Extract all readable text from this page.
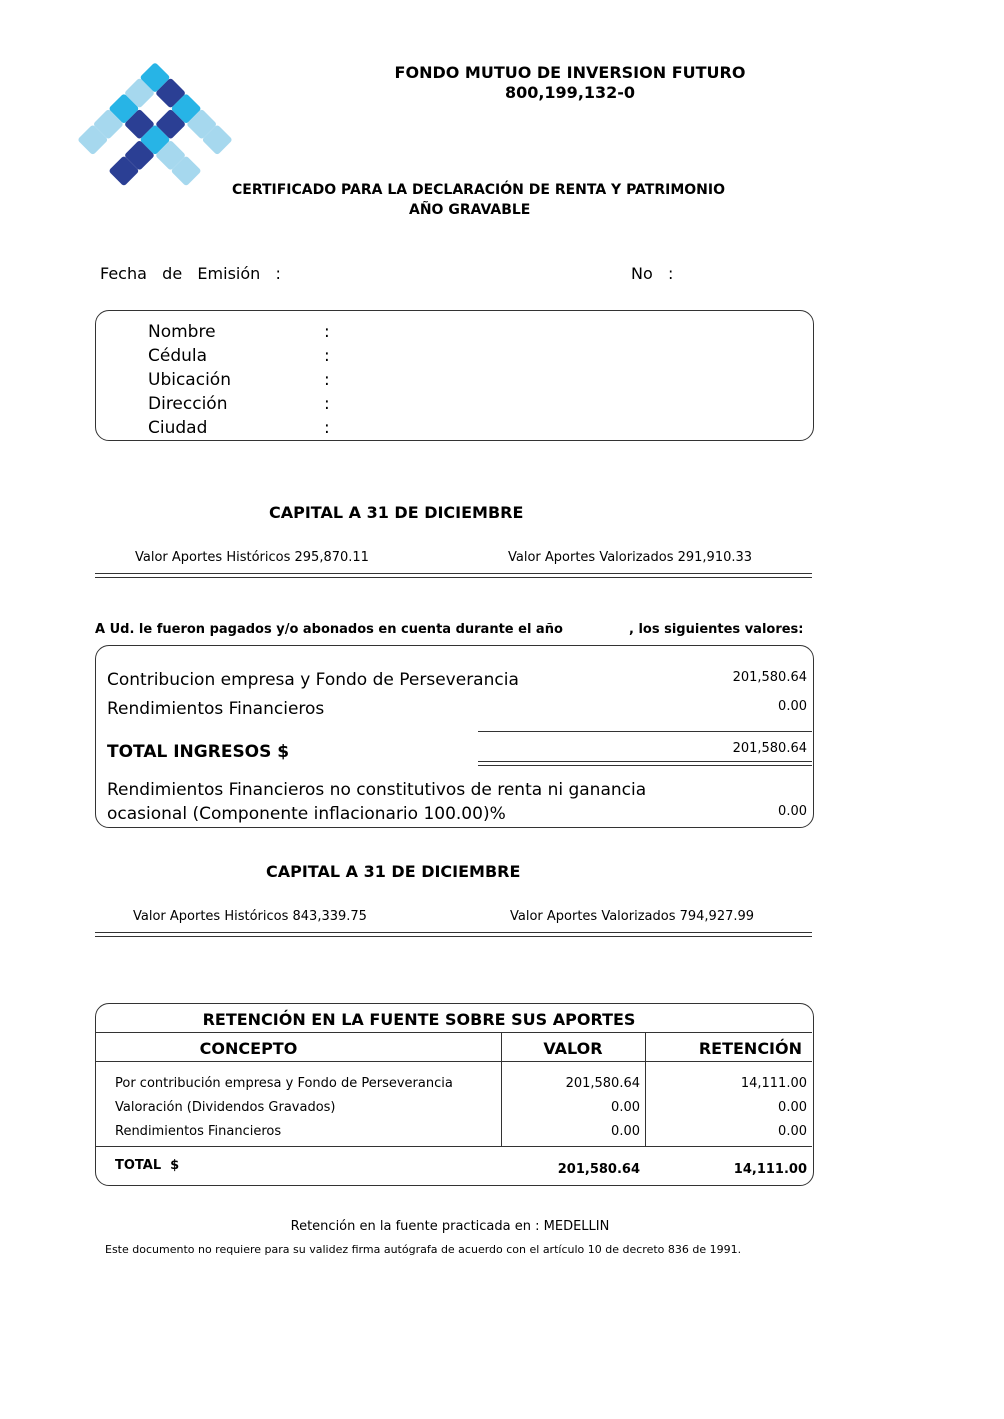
FONDO MUTUO DE INVERSION FUTURO
800,199,132-0
CERTIFICADO PARA LA DECLARACIÓN DE RENTA Y PATRIMONIO
AÑO GRAVABLE
Fecha   de   Emisión   :	No   :
Nombre	:
Cédula	:
Ubicación	:
Dirección	:
Ciudad	:
CAPITAL A 31 DE DICIEMBRE
Valor Aportes Históricos 295,870.11	Valor Aportes Valorizados 291,910.33
A Ud. le fueron pagados y/o abonados en cuenta durante el año	, los siguientes valores:
Contribucion empresa y Fondo de Perseverancia	201,580.64
Rendimientos Financieros	0.00
TOTAL INGRESOS $	201,580.64
Rendimientos Financieros no constitutivos de renta ni ganancia
ocasional (Componente inflacionario 100.00)%	0.00
CAPITAL A 31 DE DICIEMBRE
Valor Aportes Históricos 843,339.75	Valor Aportes Valorizados 794,927.99
RETENCIÓN EN LA FUENTE SOBRE SUS APORTES
CONCEPTO	VALOR	RETENCIÓN
Por contribución empresa y Fondo de Perseverancia	201,580.64	14,111.00
Valoración (Dividendos Gravados)	0.00	0.00
Rendimientos Financieros	0.00	0.00
TOTAL  $	201,580.64	14,111.00
Retención en la fuente practicada en : MEDELLIN
Este documento no requiere para su validez firma autógrafa de acuerdo con el artículo 10 de decreto 836 de 1991.
